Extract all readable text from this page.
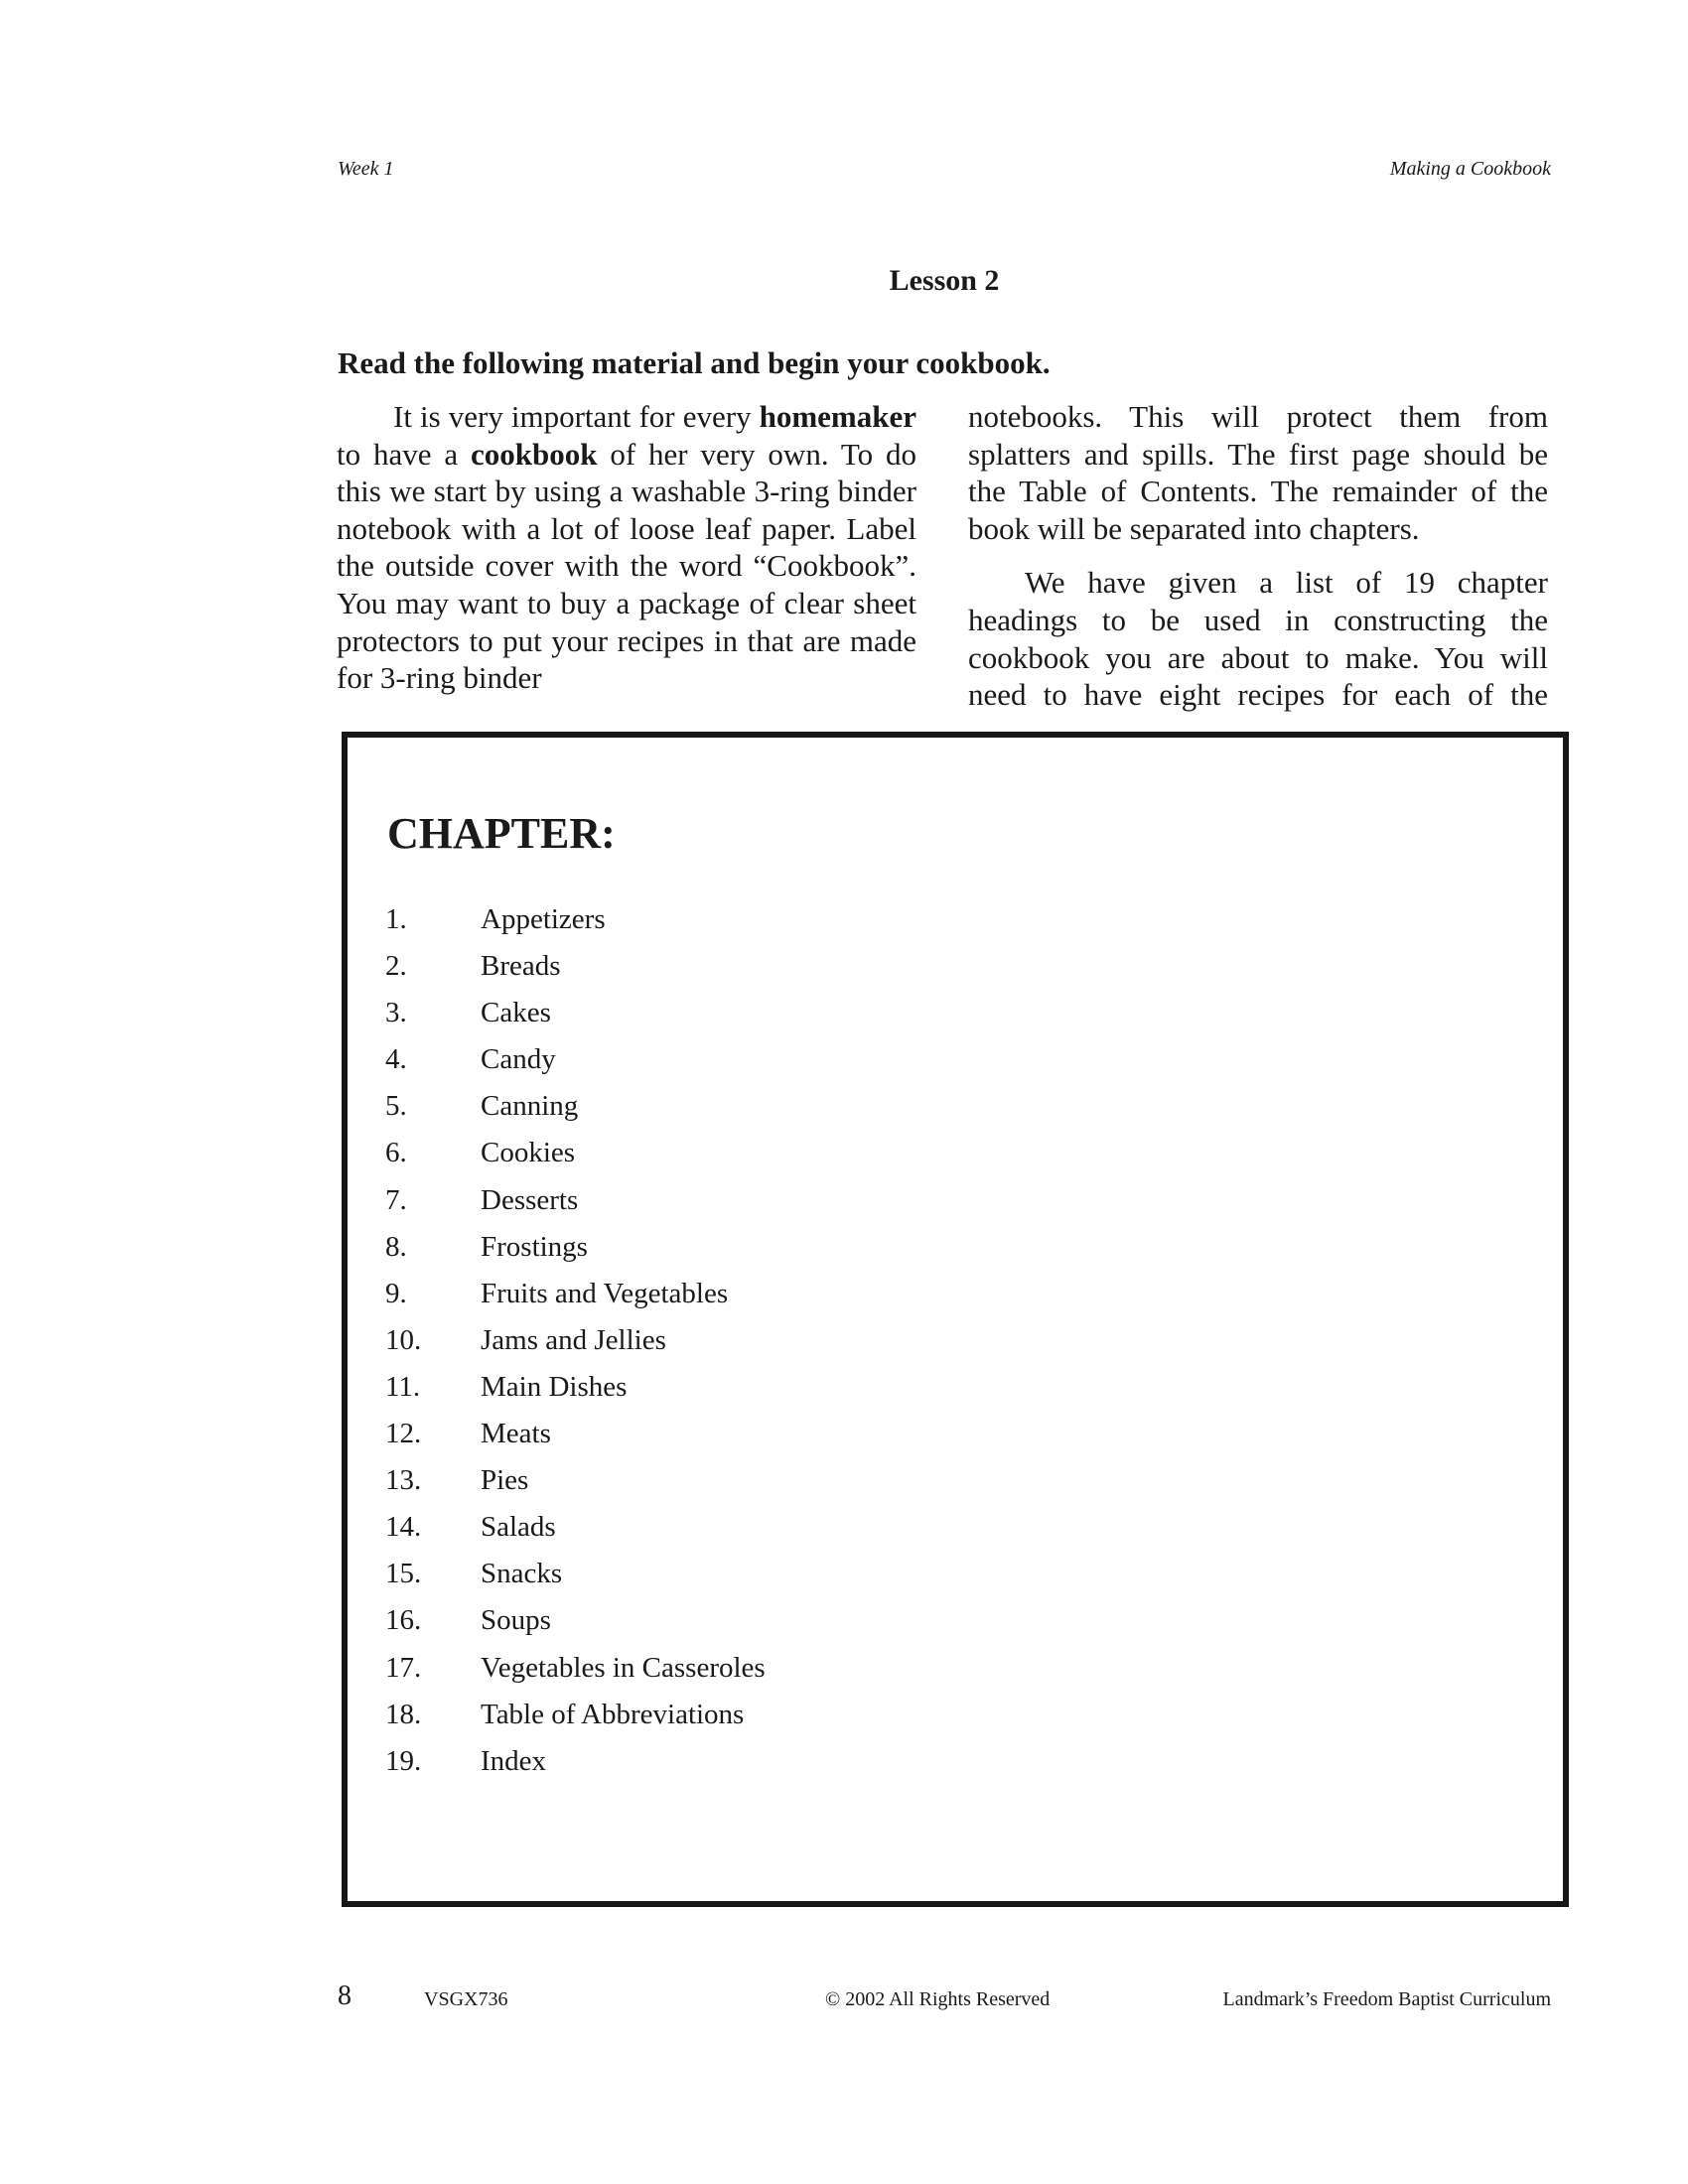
Week 1	Making a Cookbook
Lesson 2
Read the following material and begin your cookbook.

It is very important for every homemaker to have a cookbook of her very own. To do this we start by using a washable 3-ring binder notebook with a lot of loose leaf paper. Label the outside cover with the word “Cookbook”. You may want to buy a package of clear sheet protectors to put your recipes in that are made for 3-ring binder

notebooks. This will protect them from splatters and spills. The first page should be the Table of Contents. The remainder of the book will be separated into chapters.

We have given a list of 19 chapter headings to be used in constructing the cookbook you are about to make. You will need to have eight recipes for each of the

CHAPTER:
1.	Appetizers
2.	Breads
3.	Cakes
4.	Candy
5.	Canning
6.	Cookies
7.	Desserts
8.	Frostings
9.	Fruits and Vegetables
10. Jams and Jellies
11. Main Dishes
12. Meats
13. Pies
14. Salads
15. Snacks
16. Soups
17. Vegetables in Casseroles
18. Table of Abbreviations
19. Index
8	VSGX736	© 2002 All Rights Reserved	Landmark’s Freedom Baptist Curriculum
